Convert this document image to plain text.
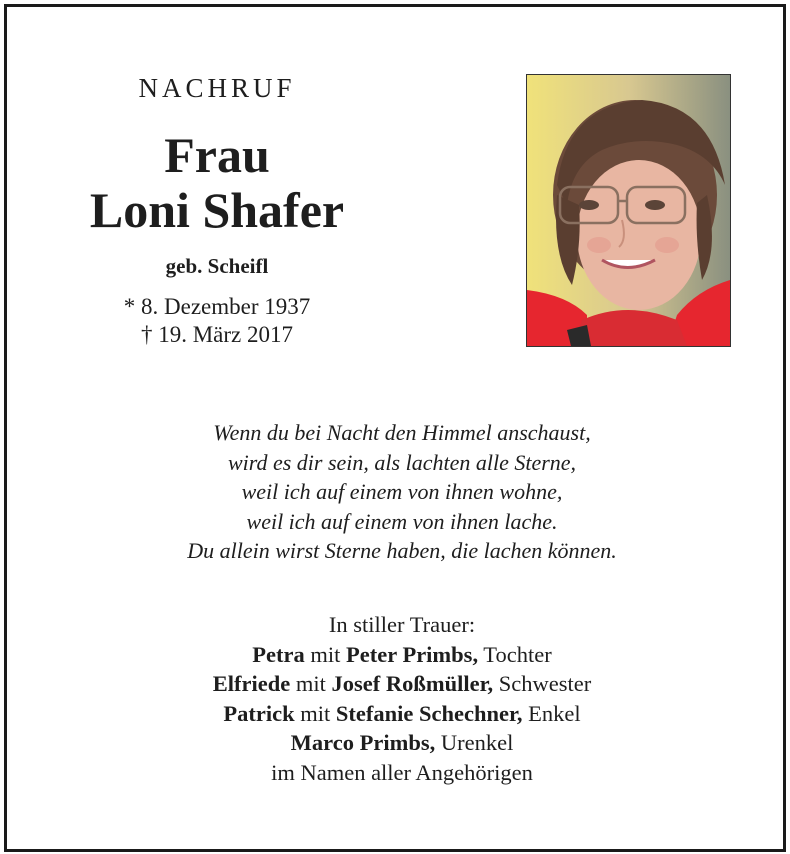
NACHRUF
Frau
Loni Shafer
geb. Scheifl
* 8. Dezember 1937
† 19. März 2017
Wenn du bei Nacht den Himmel anschaust,
wird es dir sein, als lachten alle Sterne,
weil ich auf einem von ihnen wohne,
weil ich auf einem von ihnen lache.
Du allein wirst Sterne haben, die lachen können.
In stiller Trauer:
Petra mit Peter Primbs, Tochter
Elfriede mit Josef Roßmüller, Schwester
Patrick mit Stefanie Schechner, Enkel
Marco Primbs, Urenkel
im Namen aller Angehörigen
